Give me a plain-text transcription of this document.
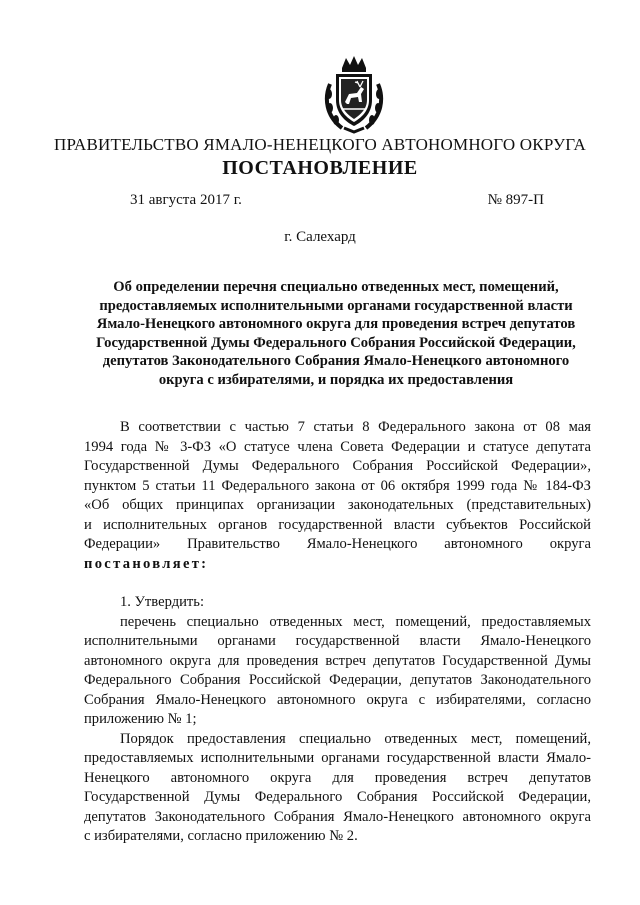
ПРАВИТЕЛЬСТВО ЯМАЛО-НЕНЕЦКОГО АВТОНОМНОГО ОКРУГА
ПОСТАНОВЛЕНИЕ
31 августа 2017 г.	№ 897-П
г. Салехард
Об определении перечня специально отведенных мест, помещений,
предоставляемых исполнительными органами государственной власти
Ямало-Ненецкого автономного округа для проведения встреч депутатов
Государственной Думы Федерального Собрания Российской Федерации,
депутатов Законодательного Собрания Ямало-Ненецкого автономного
округа с избирателями, и порядка их предоставления
В соответствии с частью 7 статьи 8 Федерального закона от 08 мая
1994 года № 3-ФЗ «О статусе члена Совета Федерации и статусе депутата
Государственной Думы Федерального Собрания Российской Федерации»,
пунктом 5 статьи 11 Федерального закона от 06 октября 1999 года № 184-ФЗ
«Об общих принципах организации законодательных (представительных)
и исполнительных органов государственной власти субъектов Российской
Федерации» Правительство Ямало-Ненецкого автономного округа
постановляет:
1. Утвердить:
перечень специально отведенных мест, помещений, предоставляемых
исполнительными органами государственной власти Ямало-Ненецкого
автономного округа для проведения встреч депутатов Государственной Думы
Федерального Собрания Российской Федерации, депутатов Законодательного
Собрания Ямало-Ненецкого автономного округа с избирателями, согласно
приложению № 1;
Порядок предоставления специально отведенных мест, помещений,
предоставляемых исполнительными органами государственной власти Ямало-
Ненецкого автономного округа для проведения встреч депутатов
Государственной Думы Федерального Собрания Российской Федерации,
депутатов Законодательного Собрания Ямало-Ненецкого автономного округа
с избирателями, согласно приложению № 2.
